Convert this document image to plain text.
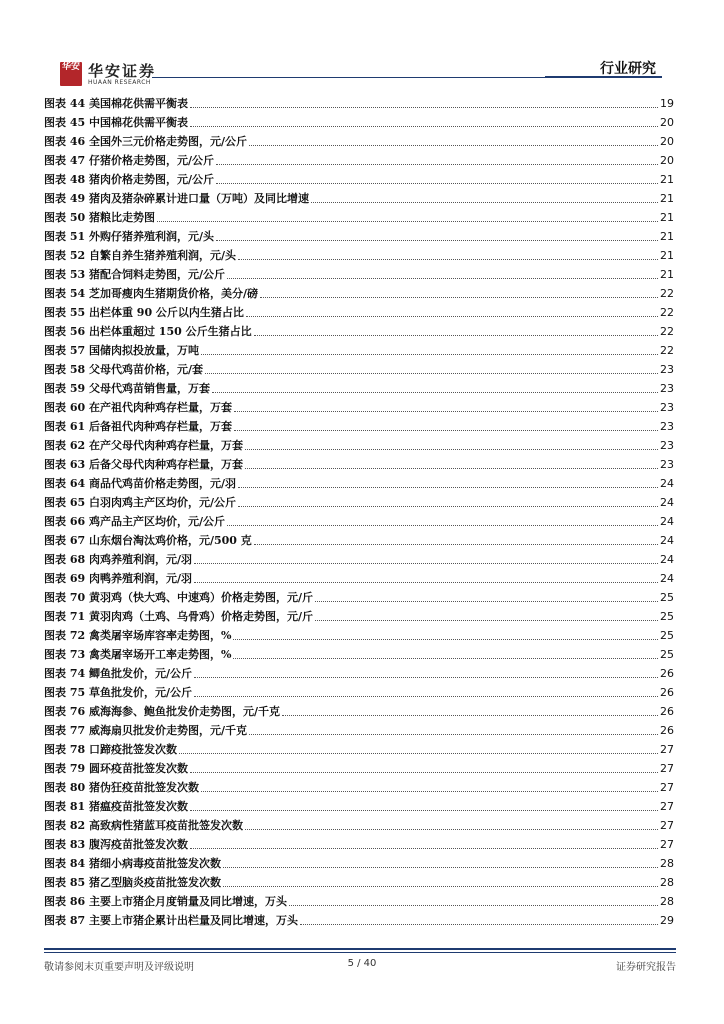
华安 华安证券
HUAAN RESEARCH
行业研究
图表 44 美国棉花供需平衡表	19
图表 45 中国棉花供需平衡表	20
图表 46 全国外三元价格走势图，元/公斤	20
图表 47 仔猪价格走势图，元/公斤	20
图表 48 猪肉价格走势图，元/公斤	21
图表 49 猪肉及猪杂碎累计进口量（万吨）及同比增速	21
图表 50 猪粮比走势图	21
图表 51 外购仔猪养殖利润，元/头	21
图表 52 自繁自养生猪养殖利润，元/头	21
图表 53 猪配合饲料走势图，元/公斤	21
图表 54 芝加哥瘦肉生猪期货价格，美分/磅	22
图表 55 出栏体重 90 公斤以内生猪占比	22
图表 56 出栏体重超过 150 公斤生猪占比	22
图表 57 国储肉拟投放量，万吨	22
图表 58 父母代鸡苗价格，元/套	23
图表 59 父母代鸡苗销售量，万套	23
图表 60 在产祖代肉种鸡存栏量，万套	23
图表 61 后备祖代肉种鸡存栏量，万套	23
图表 62 在产父母代肉种鸡存栏量，万套	23
图表 63 后备父母代肉种鸡存栏量，万套	23
图表 64 商品代鸡苗价格走势图，元/羽	24
图表 65 白羽肉鸡主产区均价，元/公斤	24
图表 66 鸡产品主产区均价，元/公斤	24
图表 67 山东烟台淘汰鸡价格，元/500 克	24
图表 68 肉鸡养殖利润，元/羽	24
图表 69 肉鸭养殖利润，元/羽	24
图表 70 黄羽鸡（快大鸡、中速鸡）价格走势图，元/斤	25
图表 71 黄羽肉鸡（土鸡、乌骨鸡）价格走势图，元/斤	25
图表 72 禽类屠宰场库容率走势图，%	25
图表 73 禽类屠宰场开工率走势图，%	25
图表 74 鲫鱼批发价，元/公斤	26
图表 75 草鱼批发价，元/公斤	26
图表 76 威海海参、鲍鱼批发价走势图，元/千克	26
图表 77 威海扇贝批发价走势图，元/千克	26
图表 78 口蹄疫批签发次数	27
图表 79 圆环疫苗批签发次数	27
图表 80 猪伪狂疫苗批签发次数	27
图表 81 猪瘟疫苗批签发次数	27
图表 82 高致病性猪蓝耳疫苗批签发次数	27
图表 83 腹泻疫苗批签发次数	27
图表 84 猪细小病毒疫苗批签发次数	28
图表 85 猪乙型脑炎疫苗批签发次数	28
图表 86 主要上市猪企月度销量及同比增速，万头	28
图表 87 主要上市猪企累计出栏量及同比增速，万头	29
敬请参阅末页重要声明及评级说明	5 / 40	证券研究报告
